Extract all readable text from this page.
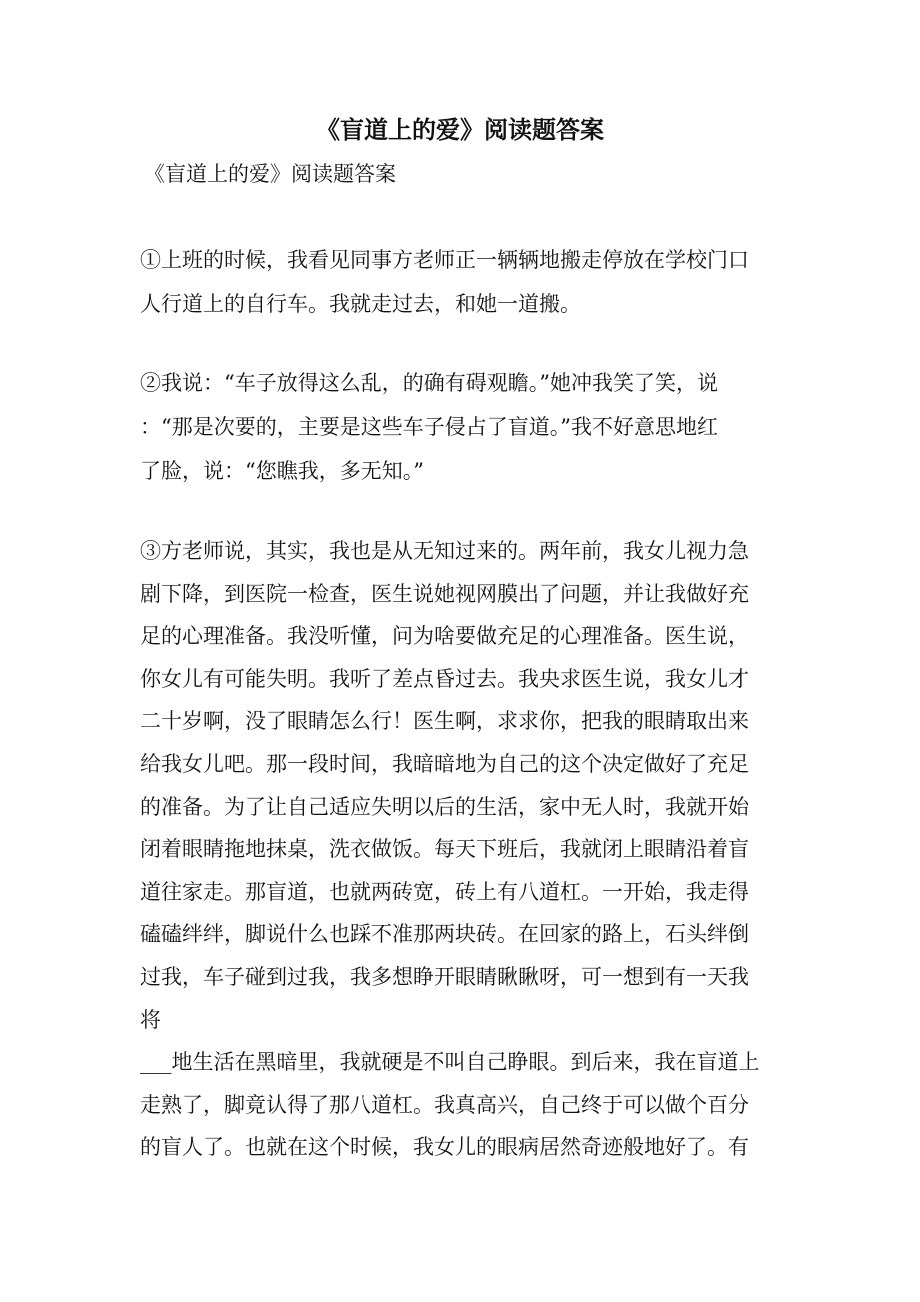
《盲道上的爱》阅读题答案

《盲道上的爱》阅读题答案

①上班的时候，我看见同事方老师正一辆辆地搬走停放在学校门口
人行道上的自行车。我就走过去，和她一道搬。

②我说：“车子放得这么乱，的确有碍观瞻。”她冲我笑了笑，说
：“那是次要的，主要是这些车子侵占了盲道。”我不好意思地红
了脸，说：“您瞧我，多无知。”

③方老师说，其实，我也是从无知过来的。两年前，我女儿视力急
剧下降，到医院一检查，医生说她视网膜出了问题，并让我做好充
足的心理准备。我没听懂，问为啥要做充足的心理准备。医生说，
你女儿有可能失明。我听了差点昏过去。我央求医生说，我女儿才
二十岁啊，没了眼睛怎么行！医生啊，求求你，把我的眼睛取出来
给我女儿吧。那一段时间，我暗暗地为自己的这个决定做好了充足
的准备。为了让自己适应失明以后的生活，家中无人时，我就开始
闭着眼睛拖地抹桌，洗衣做饭。每天下班后，我就闭上眼睛沿着盲
道往家走。那盲道，也就两砖宽，砖上有八道杠。一开始，我走得
磕磕绊绊，脚说什么也踩不准那两块砖。在回家的路上，石头绊倒
过我，车子碰到过我，我多想睁开眼睛瞅瞅呀，可一想到有一天我
将
___地生活在黑暗里，我就硬是不叫自己睁眼。到后来，我在盲道上
走熟了，脚竟认得了那八道杠。我真高兴，自己终于可以做个百分
的盲人了。也就在这个时候，我女儿的眼病居然奇迹般地好了。有
